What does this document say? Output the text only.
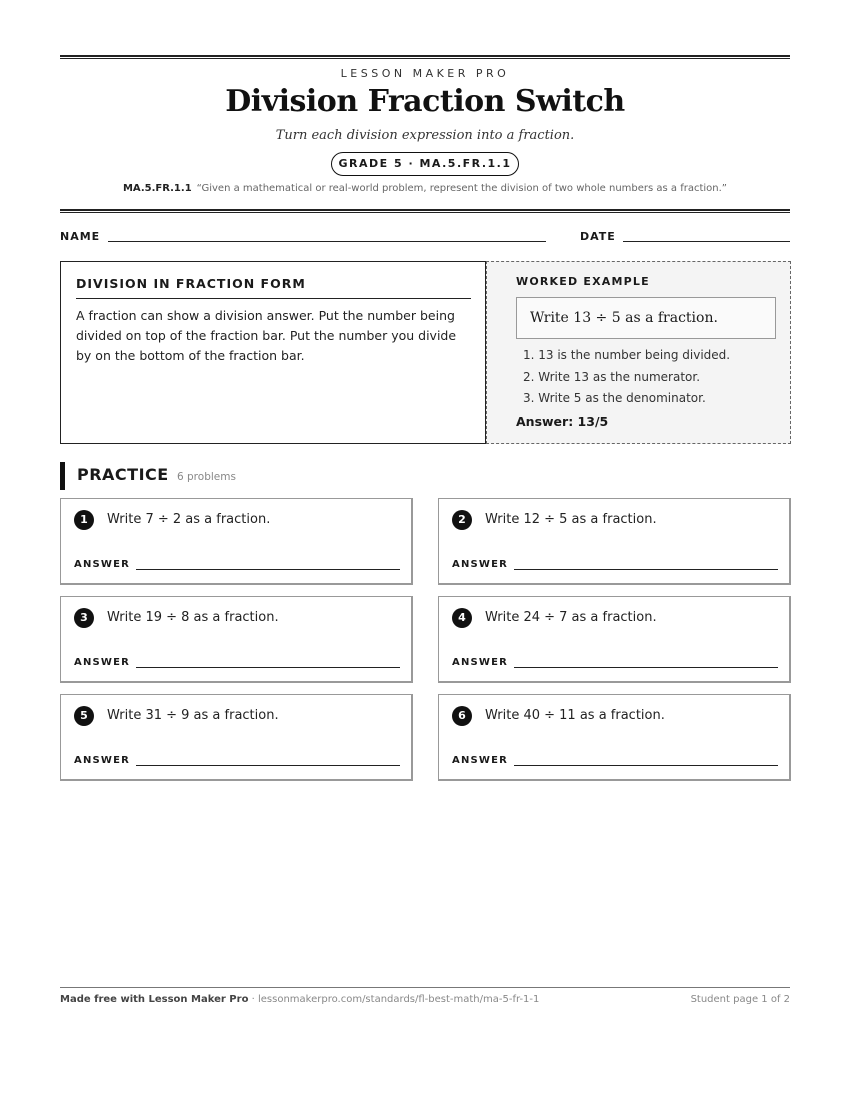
LESSON MAKER PRO
Division Fraction Switch
Turn each division expression into a fraction.
GRADE 5 · MA.5.FR.1.1
MA.5.FR.1.1 “Given a mathematical or real-world problem, represent the division of two whole numbers as a fraction.”
NAME	DATE
DIVISION IN FRACTION FORM
A fraction can show a division answer. Put the number being divided on top of the fraction bar. Put the number you divide by on the bottom of the fraction bar.
WORKED EXAMPLE
Write 13 ÷ 5 as a fraction.
1. 13 is the number being divided.
2. Write 13 as the numerator.
3. Write 5 as the denominator.
Answer: 13/5
PRACTICE 6 problems
1	Write 7 ÷ 2 as a fraction.
ANSWER
2	Write 12 ÷ 5 as a fraction.
ANSWER
3	Write 19 ÷ 8 as a fraction.
ANSWER
4	Write 24 ÷ 7 as a fraction.
ANSWER
5	Write 31 ÷ 9 as a fraction.
ANSWER
6	Write 40 ÷ 11 as a fraction.
ANSWER
Made free with Lesson Maker Pro · lessonmakerpro.com/standards/fl-best-math/ma-5-fr-1-1	Student page 1 of 2
